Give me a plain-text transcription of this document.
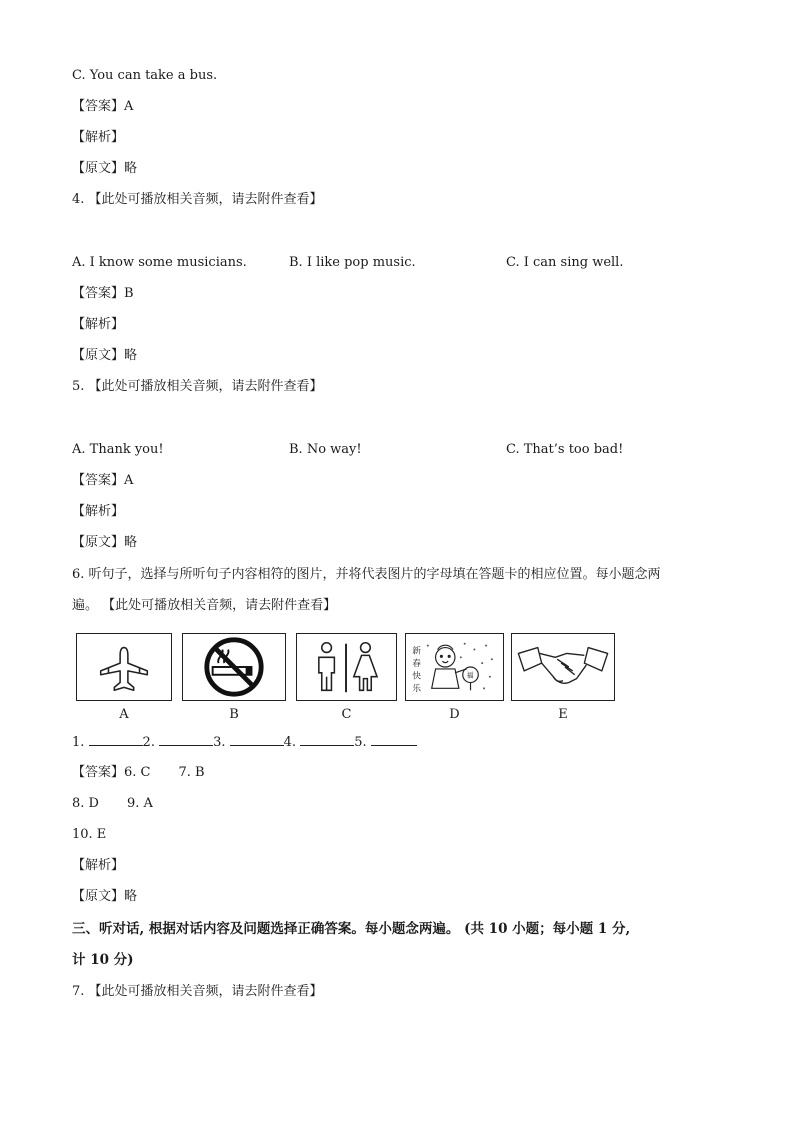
C. You can take a bus.
【答案】A
【解析】
【原文】略
4. 【此处可播放相关音频，请去附件查看】
A. I know some musicians.	B. I like pop music.	C. I can sing well.
【答案】B
【解析】
【原文】略
5. 【此处可播放相关音频，请去附件查看】
A. Thank you!	B. No way!	C. That’s too bad!
【答案】A
【解析】
【原文】略
6. 听句子，选择与所听句子内容相符的图片，并将代表图片的字母填在答题卡的相应位置。每小题念两
遍。 【此处可播放相关音频，请去附件查看】
A	B	C
新
春
快
乐
福
D	E
1.	2.	3.	4.	5.
【答案】6. C 7. B
8. D 9. A
10. E
【解析】
【原文】略
三、听对话, 根据对话内容及问题选择正确答案。每小题念两遍。 (共 10 小题；每小题 1 分,
计 10 分)
7. 【此处可播放相关音频，请去附件查看】
